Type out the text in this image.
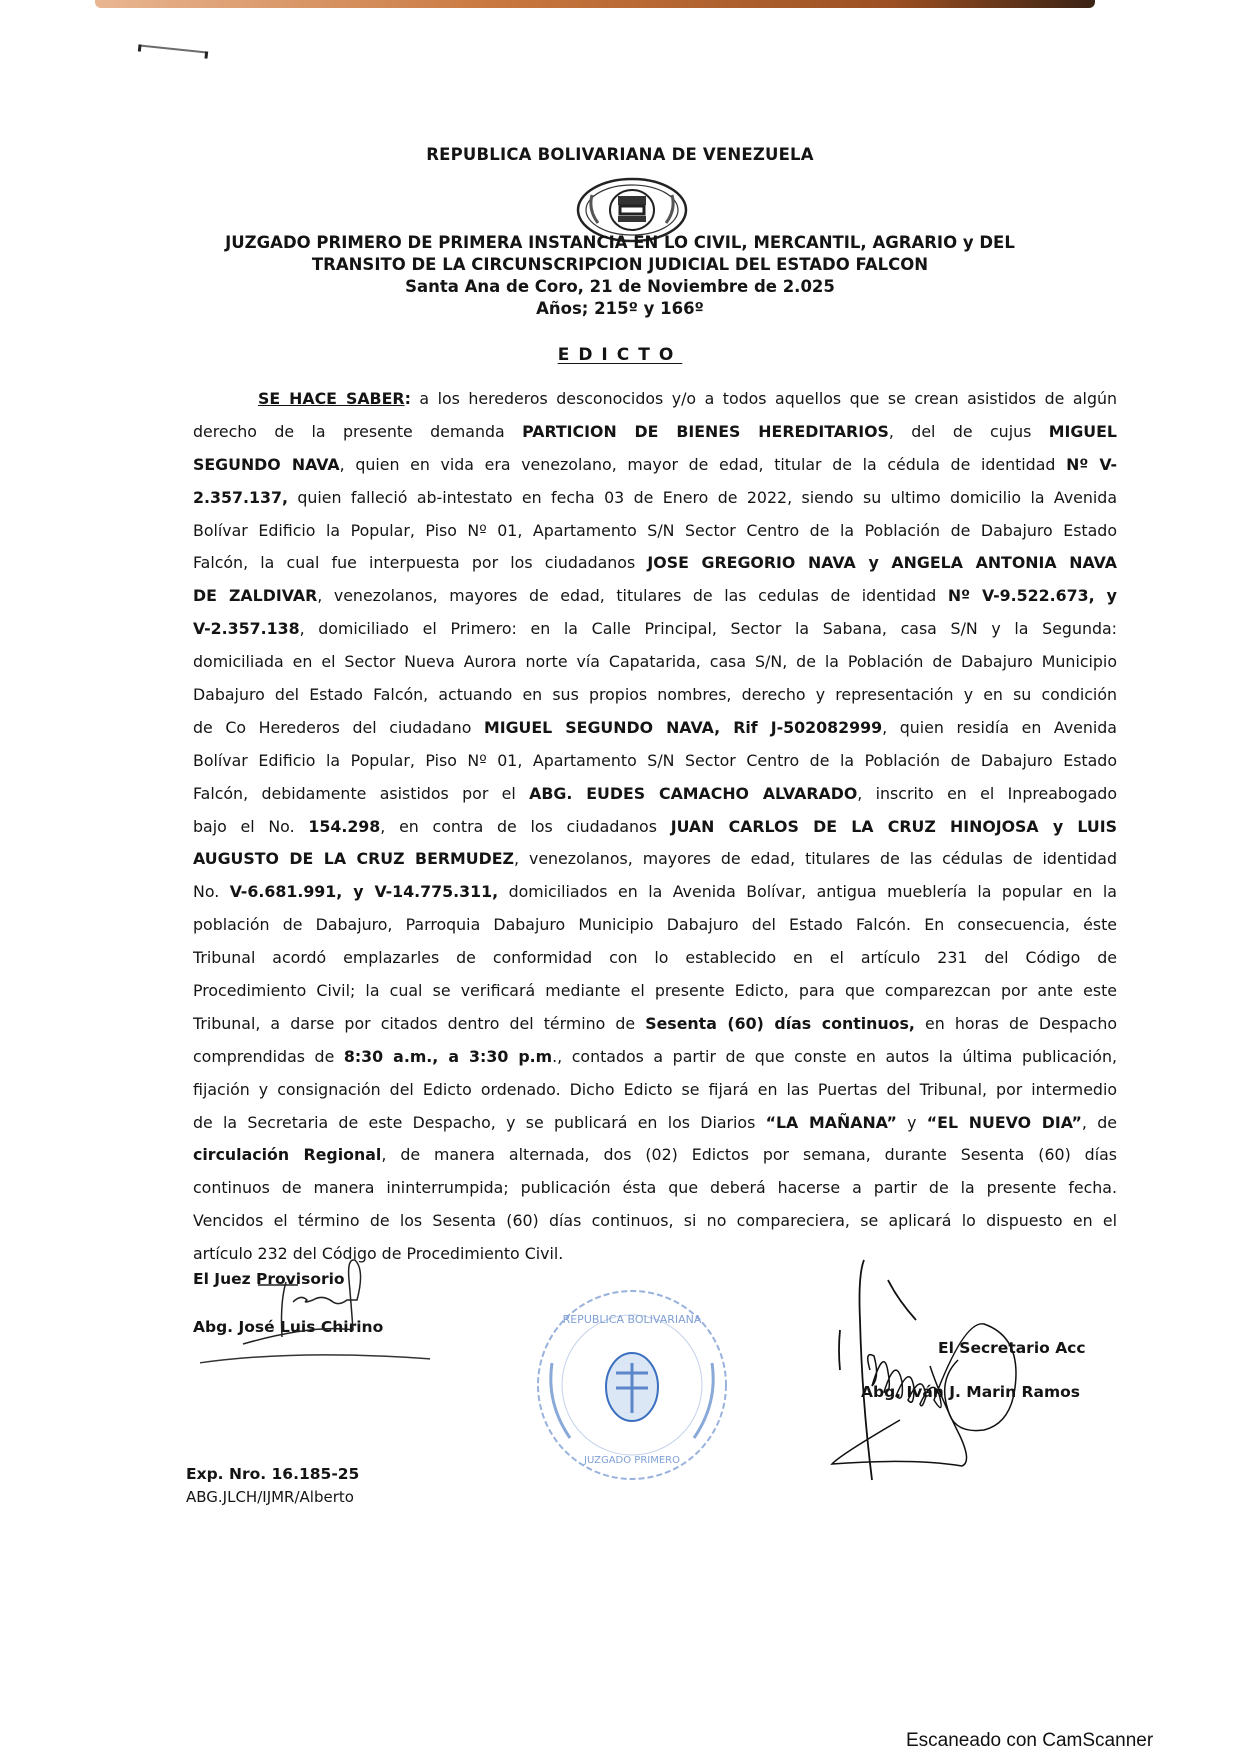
REPUBLICA BOLIVARIANA DE VENEZUELA
JUZGADO PRIMERO DE PRIMERA INSTANCIA EN LO CIVIL, MERCANTIL, AGRARIO y DEL
TRANSITO DE LA CIRCUNSCRIPCION JUDICIAL DEL ESTADO FALCON
Santa Ana de Coro, 21 de Noviembre de 2.025
Años; 215º y 166º
EDICTO
SE HACE SABER: a los herederos desconocidos y/o a todos aquellos que se crean asistidos de algún
derecho de la presente demanda PARTICION DE BIENES HEREDITARIOS, del de cujus MIGUEL
SEGUNDO NAVA, quien en vida era venezolano, mayor de edad, titular de la cédula de identidad Nº V-
2.357.137, quien falleció ab-intestato en fecha 03 de Enero de 2022, siendo su ultimo domicilio la Avenida
Bolívar Edificio la Popular, Piso Nº 01, Apartamento S/N Sector Centro de la Población de Dabajuro Estado
Falcón, la cual fue interpuesta por los ciudadanos JOSE GREGORIO NAVA y ANGELA ANTONIA NAVA
DE ZALDIVAR, venezolanos, mayores de edad, titulares de las cedulas de identidad Nº V-9.522.673, y
V-2.357.138, domiciliado el Primero: en la Calle Principal, Sector la Sabana, casa S/N y la Segunda:
domiciliada en el Sector Nueva Aurora norte vía Capatarida, casa S/N, de la Población de Dabajuro Municipio
Dabajuro del Estado Falcón, actuando en sus propios nombres, derecho y representación y en su condición
de Co Herederos del ciudadano MIGUEL SEGUNDO NAVA, Rif J-502082999, quien residía en Avenida
Bolívar Edificio la Popular, Piso Nº 01, Apartamento S/N Sector Centro de la Población de Dabajuro Estado
Falcón, debidamente asistidos por el ABG. EUDES CAMACHO ALVARADO, inscrito en el Inpreabogado
bajo el No. 154.298, en contra de los ciudadanos JUAN CARLOS DE LA CRUZ HINOJOSA y LUIS
AUGUSTO DE LA CRUZ BERMUDEZ, venezolanos, mayores de edad, titulares de las cédulas de identidad
No. V-6.681.991, y V-14.775.311, domiciliados en la Avenida Bolívar, antigua mueblería la popular en la
población de Dabajuro, Parroquia Dabajuro Municipio Dabajuro del Estado Falcón. En consecuencia, éste
Tribunal acordó emplazarles de conformidad con lo establecido en el artículo 231 del Código de
Procedimiento Civil; la cual se verificará mediante el presente Edicto, para que comparezcan por ante este
Tribunal, a darse por citados dentro del término de Sesenta (60) días continuos, en horas de Despacho
comprendidas de 8:30 a.m., a 3:30 p.m., contados a partir de que conste en autos la última publicación,
fijación y consignación del Edicto ordenado. Dicho Edicto se fijará en las Puertas del Tribunal, por intermedio
de la Secretaria de este Despacho, y se publicará en los Diarios “LA MAÑANA” y “EL NUEVO DIA”, de
circulación Regional, de manera alternada, dos (02) Edictos por semana, durante Sesenta (60) días
continuos de manera ininterrumpida; publicación ésta que deberá hacerse a partir de la presente fecha.
Vencidos el término de los Sesenta (60) días continuos, si no compareciera, se aplicará lo dispuesto en el
artículo 232 del Código de Procedimiento Civil.
El Juez Provisorio
Abg. José Luis Chirino	REPUBLICA BOLIVARIANA
JUZGADO PRIMERO
El Secretario Acc
Abg. Iván J. Marin Ramos
Exp. Nro. 16.185-25
ABG.JLCH/IJMR/Alberto
Escaneado con CamScanner
